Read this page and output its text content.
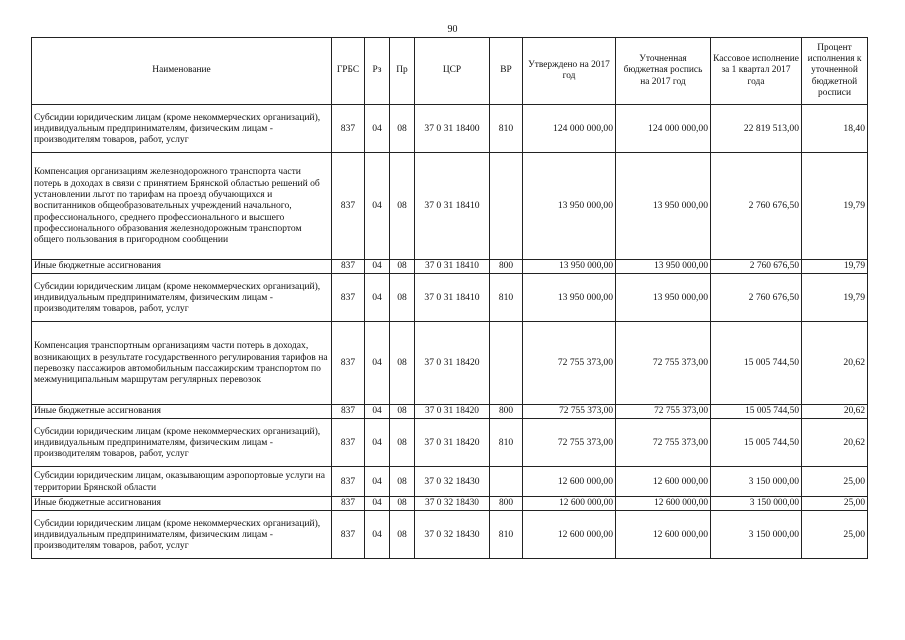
90
Наименование	ГРБС	Рз	Пр	ЦСР	ВР	Утверждено на 2017 год	Уточненная бюджетная роспись на 2017 год	Кассовое исполнение за 1 квартал 2017 года	Процент исполнения к уточненной бюджетной росписи
Субсидии юридическим лицам (кроме некоммерческих организаций), индивидуальным предпринимателям, физическим лицам - производителям товаров, работ, услуг	837	04	08	37 0 31 18400	810	124 000 000,00	124 000 000,00	22 819 513,00	18,40
Компенсация организациям железнодорожного транспорта части потерь в доходах в связи с принятием Брянской областью решений об установлении льгот по тарифам на проезд обучающихся и воспитанников общеобразовательных учреждений начального, профессионального, среднего профессионального и высшего профессионального образования железнодорожным транспортом общего пользования в пригородном сообщении	837	04	08	37 0 31 18410		13 950 000,00	13 950 000,00	2 760 676,50	19,79
Иные бюджетные ассигнования	837	04	08	37 0 31 18410	800	13 950 000,00	13 950 000,00	2 760 676,50	19,79
Субсидии юридическим лицам (кроме некоммерческих организаций), индивидуальным предпринимателям, физическим лицам - производителям товаров, работ, услуг	837	04	08	37 0 31 18410	810	13 950 000,00	13 950 000,00	2 760 676,50	19,79
Компенсация транспортным организациям части потерь в доходах, возникающих в результате государственного регулирования тарифов на перевозку пассажиров автомобильным пассажирским транспортом по межмуниципальным маршрутам регулярных перевозок	837	04	08	37 0 31 18420		72 755 373,00	72 755 373,00	15 005 744,50	20,62
Иные бюджетные ассигнования	837	04	08	37 0 31 18420	800	72 755 373,00	72 755 373,00	15 005 744,50	20,62
Субсидии юридическим лицам (кроме некоммерческих организаций), индивидуальным предпринимателям, физическим лицам - производителям товаров, работ, услуг	837	04	08	37 0 31 18420	810	72 755 373,00	72 755 373,00	15 005 744,50	20,62
Субсидии юридическим лицам, оказывающим аэропортовые услуги на территории Брянской области	837	04	08	37 0 32 18430		12 600 000,00	12 600 000,00	3 150 000,00	25,00
Иные бюджетные ассигнования	837	04	08	37 0 32 18430	800	12 600 000,00	12 600 000,00	3 150 000,00	25,00
Субсидии юридическим лицам (кроме некоммерческих организаций), индивидуальным предпринимателям, физическим лицам - производителям товаров, работ, услуг	837	04	08	37 0 32 18430	810	12 600 000,00	12 600 000,00	3 150 000,00	25,00
